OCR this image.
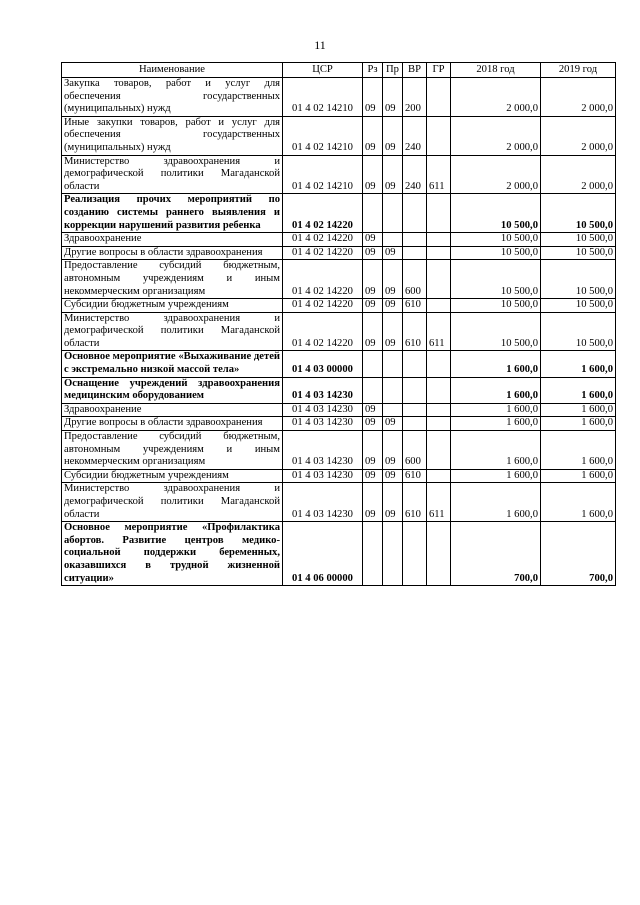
11
Наименование	ЦСР	Рз	Пр	ВР	ГР	2018 год	2019 год
Закупка товаров, работ и услуг для обеспечения государственных (муниципальных) нужд	01 4 02 14210	09	09	200		2 000,0	2 000,0
Иные закупки товаров, работ и услуг для обеспечения государственных (муниципальных) нужд	01 4 02 14210	09	09	240		2 000,0	2 000,0
Министерство здравоохранения и демографической политики Магаданской области	01 4 02 14210	09	09	240	611	2 000,0	2 000,0
Реализация прочих мероприятий по созданию системы раннего выявления и коррекции нарушений развития ребенка	01 4 02 14220					10 500,0	10 500,0
Здравоохранение	01 4 02 14220	09				10 500,0	10 500,0
Другие вопросы в области здравоохранения	01 4 02 14220	09	09			10 500,0	10 500,0
Предоставление субсидий бюджетным, автономным учреждениям и иным некоммерческим организациям	01 4 02 14220	09	09	600		10 500,0	10 500,0
Субсидии бюджетным учреждениям	01 4 02 14220	09	09	610		10 500,0	10 500,0
Министерство здравоохранения и демографической политики Магаданской области	01 4 02 14220	09	09	610	611	10 500,0	10 500,0
Основное мероприятие «Выхаживание детей с экстремально низкой массой тела»	01 4 03 00000					1 600,0	1 600,0
Оснащение учреждений здравоохранения медицинским оборудованием	01 4 03 14230					1 600,0	1 600,0
Здравоохранение	01 4 03 14230	09				1 600,0	1 600,0
Другие вопросы в области здравоохранения	01 4 03 14230	09	09			1 600,0	1 600,0
Предоставление субсидий бюджетным, автономным учреждениям и иным некоммерческим организациям	01 4 03 14230	09	09	600		1 600,0	1 600,0
Субсидии бюджетным учреждениям	01 4 03 14230	09	09	610		1 600,0	1 600,0
Министерство здравоохранения и демографической политики Магаданской области	01 4 03 14230	09	09	610	611	1 600,0	1 600,0
Основное мероприятие «Профилактика абортов. Развитие центров медико-социальной поддержки беременных, оказавшихся в трудной жизненной ситуации»	01 4 06 00000					700,0	700,0
